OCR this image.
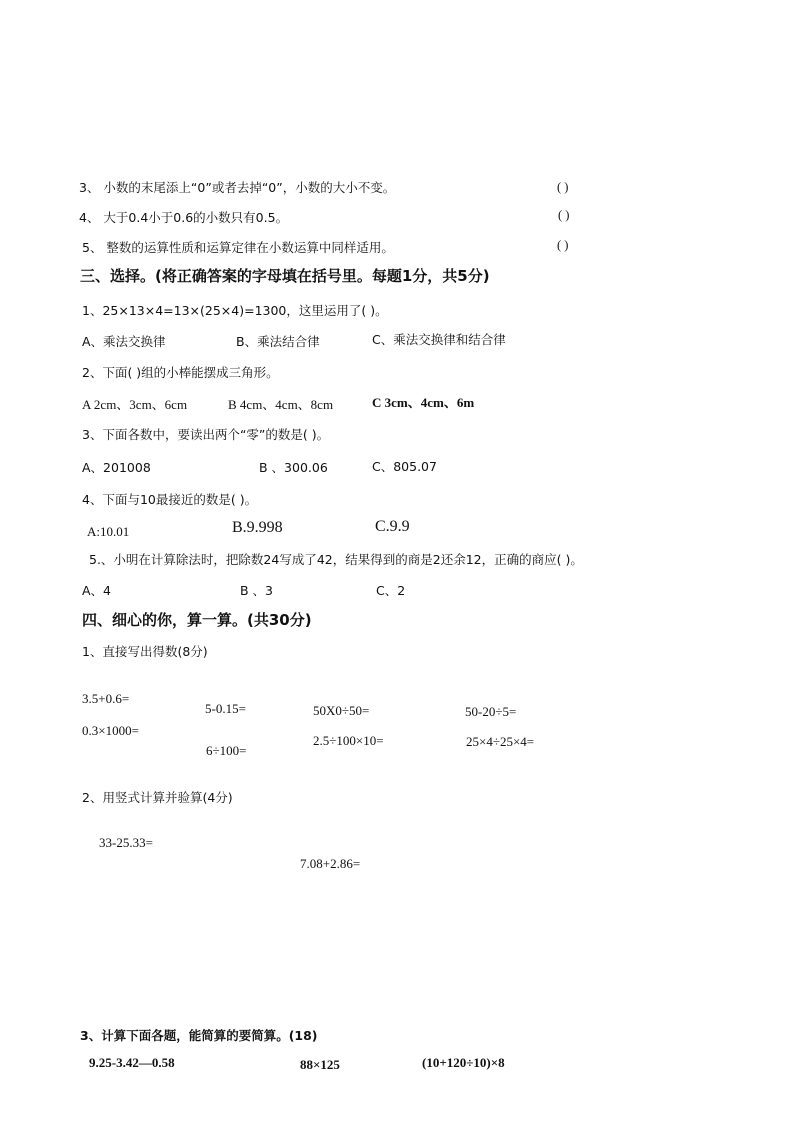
3、 小数的末尾添上“0”或者去掉“0”，小数的大小不变。	( )
4、 大于0.4小于0.6的小数只有0.5。	( )
5、 整数的运算性质和运算定律在小数运算中同样适用。	( )
三、选择。(将正确答案的字母填在括号里。每题1分，共5分)
1、25×13×4=13×(25×4)=1300，这里运用了( )。
A、乘法交换律	B、乘法结合律	C、乘法交换律和结合律
2、下面( )组的小棒能摆成三角形。
A 2cm、3cm、6cm	B 4cm、4cm、8cm	C 3cm、4cm、6m
3、下面各数中，要读出两个“零”的数是( )。
A、201008	B 、300.06	C、805.07
4、下面与10最接近的数是( )。
A:10.01	B.9.998	C.9.9
5.、小明在计算除法时，把除数24写成了42，结果得到的商是2还余12，正确的商应( )。
A、4	B 、3	C、2
四、细心的你，算一算。(共30分)
1、直接写出得数(8分)
3.5+0.6=
5-0.15=	50X0÷50=	50-20÷5=
0.3×1000=
6÷100=
2.5÷100×10=	25×4÷25×4=
2、用竖式计算并验算(4分)
33-25.33=
7.08+2.86=
3、计算下面各题，能简算的要简算。(18)
9.25-3.42—0.58	88×125	(10+120÷10)×8
